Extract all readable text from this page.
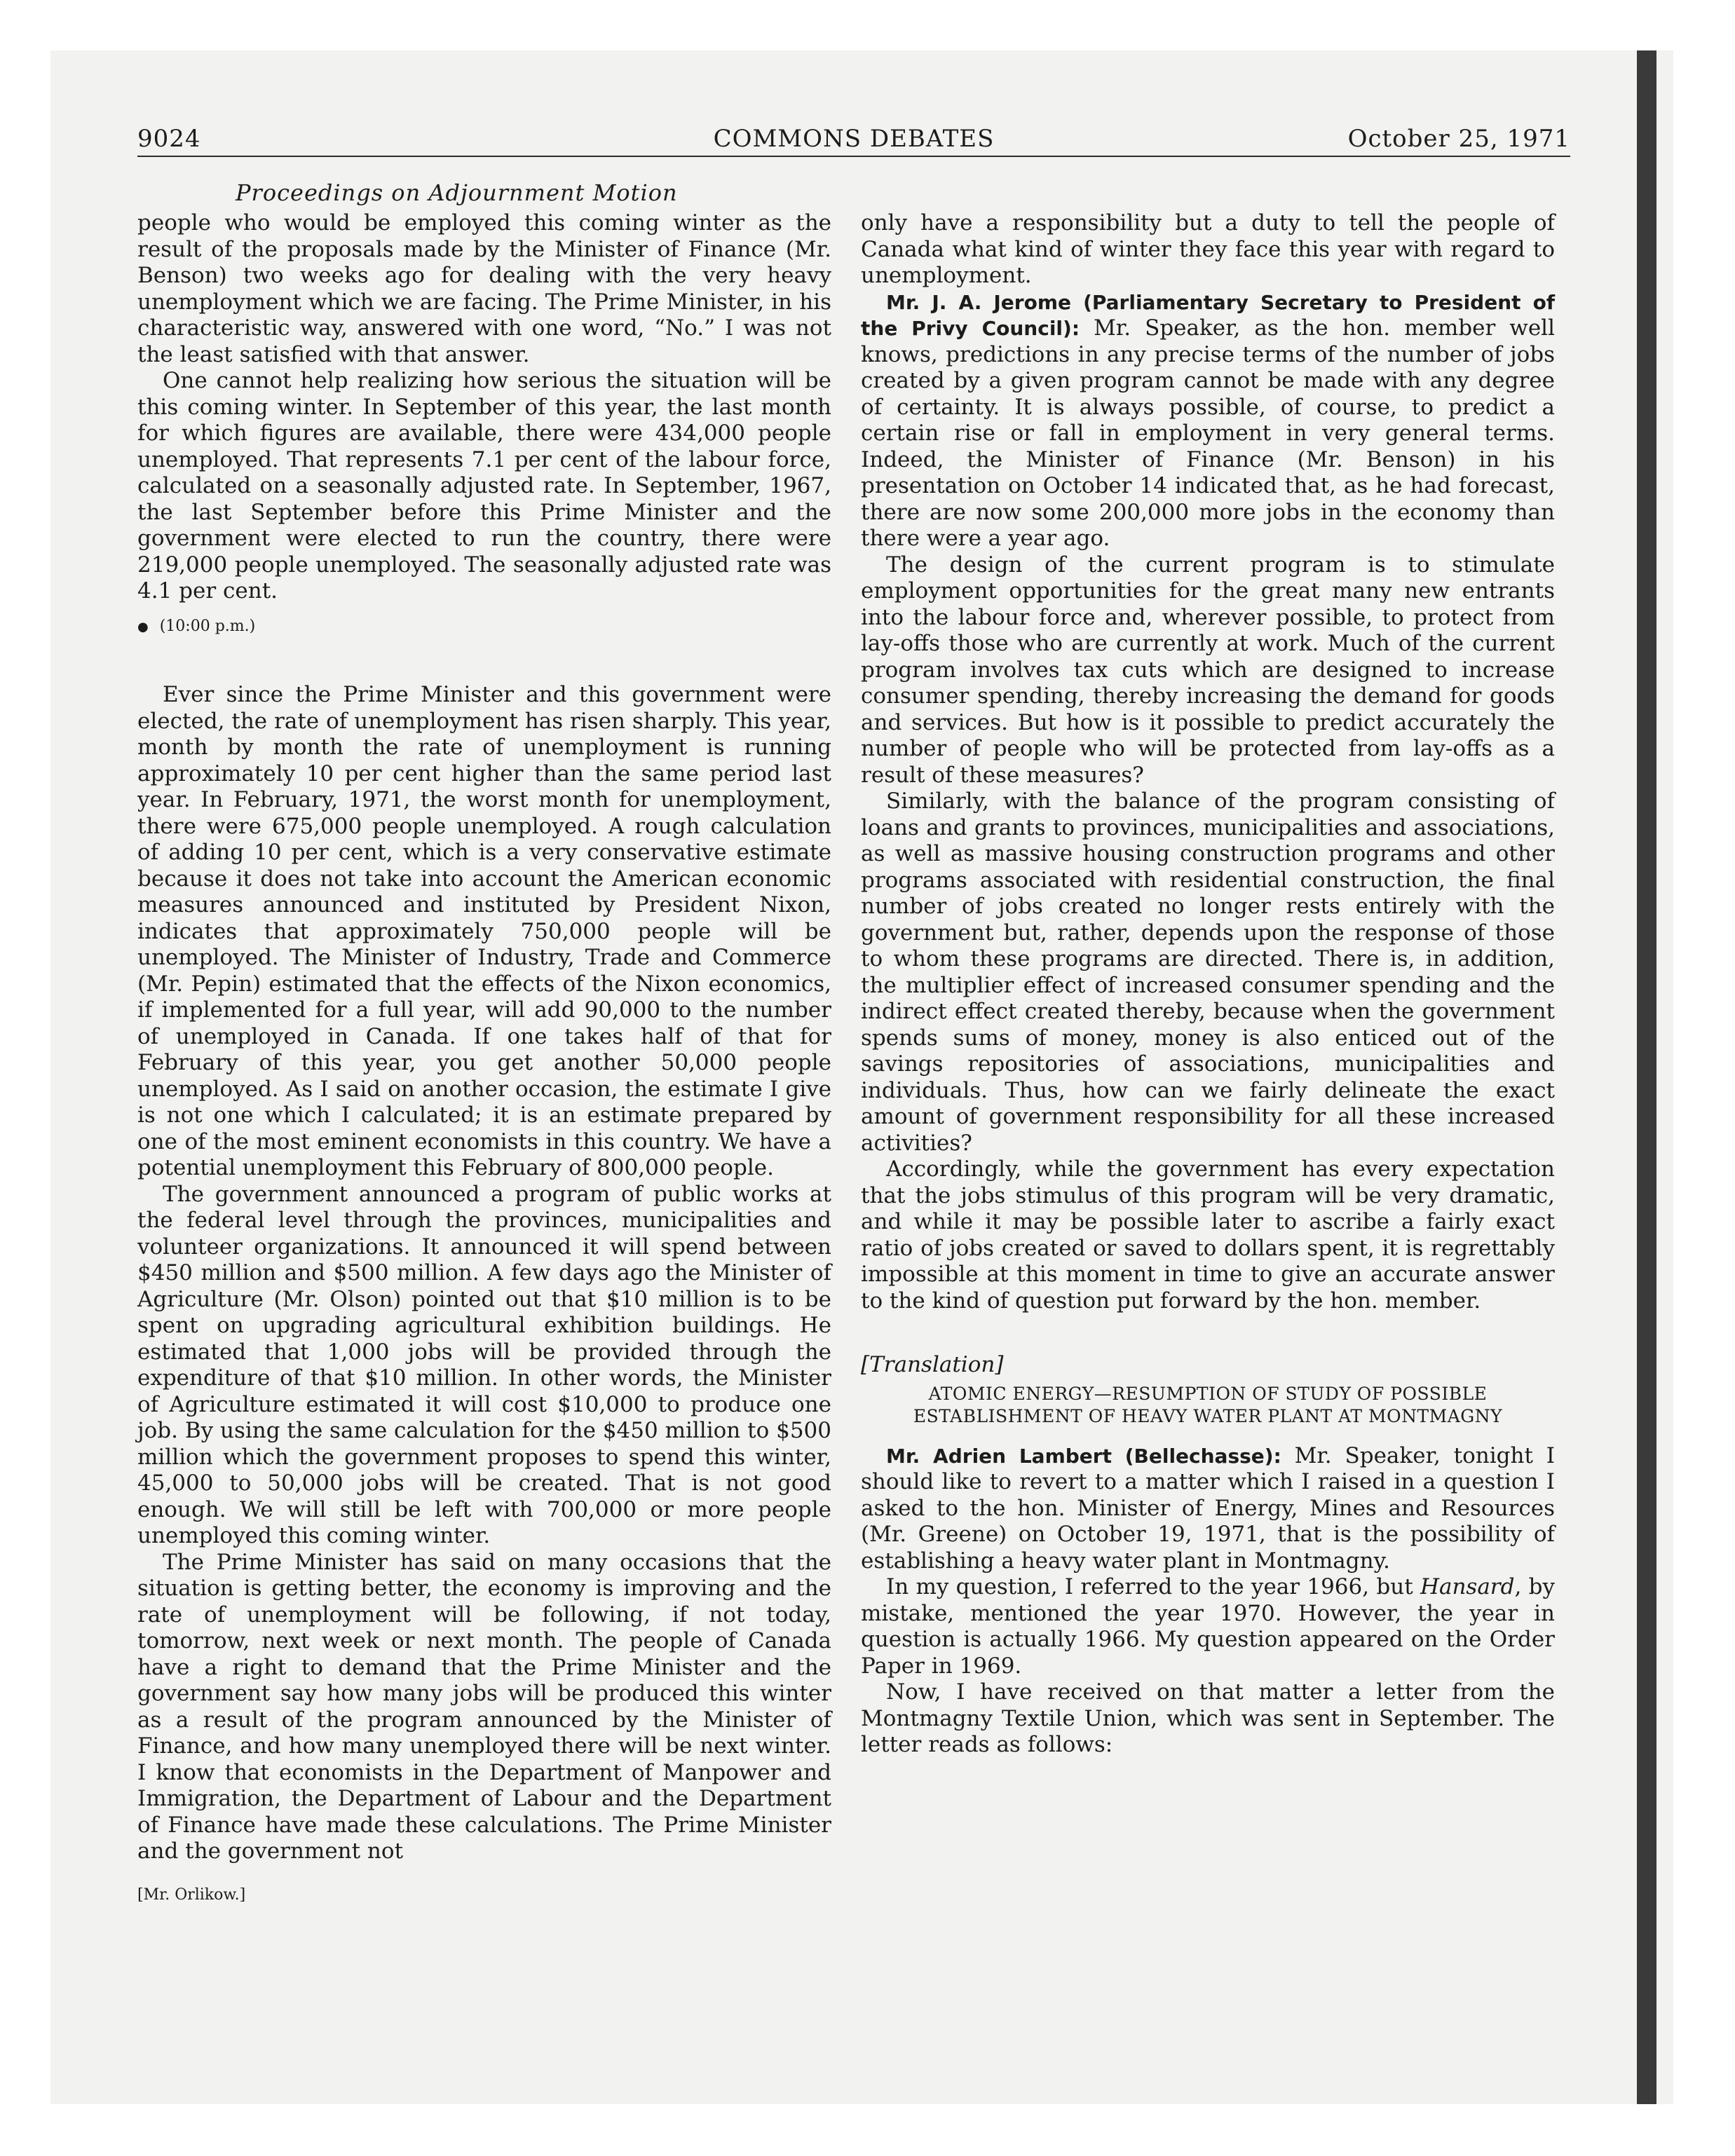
9024	COMMONS DEBATES	October 25, 1971
Proceedings on Adjournment Motion

people who would be employed this coming winter as the result of the proposals made by the Minister of Finance (Mr. Benson) two weeks ago for dealing with the very heavy unemployment which we are facing. The Prime Minister, in his characteristic way, answered with one word, “No.” I was not the least satisfied with that answer.

One cannot help realizing how serious the situation will be this coming winter. In September of this year, the last month for which figures are available, there were 434,000 people unemployed. That represents 7.1 per cent of the labour force, calculated on a seasonally adjusted rate. In September, 1967, the last September before this Prime Minister and the government were elected to run the country, there were 219,000 people unemployed. The seasonally adjusted rate was 4.1 per cent.

● (10:00 p.m.)

Ever since the Prime Minister and this government were elected, the rate of unemployment has risen sharply. This year, month by month the rate of unemployment is running approximately 10 per cent higher than the same period last year. In February, 1971, the worst month for unemployment, there were 675,000 people unemployed. A rough calculation of adding 10 per cent, which is a very conservative estimate because it does not take into account the American economic measures announced and instituted by President Nixon, indicates that approximately 750,000 people will be unemployed. The Minister of Industry, Trade and Commerce (Mr. Pepin) estimated that the effects of the Nixon economics, if implemented for a full year, will add 90,000 to the number of unemployed in Canada. If one takes half of that for February of this year, you get another 50,000 people unemployed. As I said on another occasion, the estimate I give is not one which I calculated; it is an estimate prepared by one of the most eminent economists in this country. We have a potential unemployment this February of 800,000 people.

The government announced a program of public works at the federal level through the provinces, municipalities and volunteer organizations. It announced it will spend between $450 million and $500 million. A few days ago the Minister of Agriculture (Mr. Olson) pointed out that $10 million is to be spent on upgrading agricultural exhibition buildings. He estimated that 1,000 jobs will be provided through the expenditure of that $10 million. In other words, the Minister of Agriculture estimated it will cost $10,000 to produce one job. By using the same calculation for the $450 million to $500 million which the government proposes to spend this winter, 45,000 to 50,000 jobs will be created. That is not good enough. We will still be left with 700,000 or more people unemployed this coming winter.

The Prime Minister has said on many occasions that the situation is getting better, the economy is improving and the rate of unemployment will be following, if not today, tomorrow, next week or next month. The people of Canada have a right to demand that the Prime Minister and the government say how many jobs will be produced this winter as a result of the program announced by the Minister of Finance, and how many unemployed there will be next winter. I know that economists in the Department of Manpower and Immigration, the Department of Labour and the Department of Finance have made these calculations. The Prime Minister and the government not

[Mr. Orlikow.]

only have a responsibility but a duty to tell the people of Canada what kind of winter they face this year with regard to unemployment.

Mr. J. A. Jerome (Parliamentary Secretary to President of the Privy Council): Mr. Speaker, as the hon. member well knows, predictions in any precise terms of the number of jobs created by a given program cannot be made with any degree of certainty. It is always possible, of course, to predict a certain rise or fall in employment in very general terms. Indeed, the Minister of Finance (Mr. Benson) in his presentation on October 14 indicated that, as he had forecast, there are now some 200,000 more jobs in the economy than there were a year ago.

The design of the current program is to stimulate employment opportunities for the great many new entrants into the labour force and, wherever possible, to protect from lay-offs those who are currently at work. Much of the current program involves tax cuts which are designed to increase consumer spending, thereby increasing the demand for goods and services. But how is it possible to predict accurately the number of people who will be protected from lay-offs as a result of these measures?

Similarly, with the balance of the program consisting of loans and grants to provinces, municipalities and associations, as well as massive housing construction programs and other programs associated with residential construction, the final number of jobs created no longer rests entirely with the government but, rather, depends upon the response of those to whom these programs are directed. There is, in addition, the multiplier effect of increased consumer spending and the indirect effect created thereby, because when the government spends sums of money, money is also enticed out of the savings repositories of associations, municipalities and individuals. Thus, how can we fairly delineate the exact amount of government responsibility for all these increased activities?

Accordingly, while the government has every expectation that the jobs stimulus of this program will be very dramatic, and while it may be possible later to ascribe a fairly exact ratio of jobs created or saved to dollars spent, it is regrettably impossible at this moment in time to give an accurate answer to the kind of question put forward by the hon. member.

[Translation]
ATOMIC ENERGY—RESUMPTION OF STUDY OF POSSIBLE ESTABLISHMENT OF HEAVY WATER PLANT AT MONTMAGNY

Mr. Adrien Lambert (Bellechasse): Mr. Speaker, tonight I should like to revert to a matter which I raised in a question I asked to the hon. Minister of Energy, Mines and Resources (Mr. Greene) on October 19, 1971, that is the possibility of establishing a heavy water plant in Montmagny.

In my question, I referred to the year 1966, but Hansard, by mistake, mentioned the year 1970. However, the year in question is actually 1966. My question appeared on the Order Paper in 1969.

Now, I have received on that matter a letter from the Montmagny Textile Union, which was sent in September. The letter reads as follows:
